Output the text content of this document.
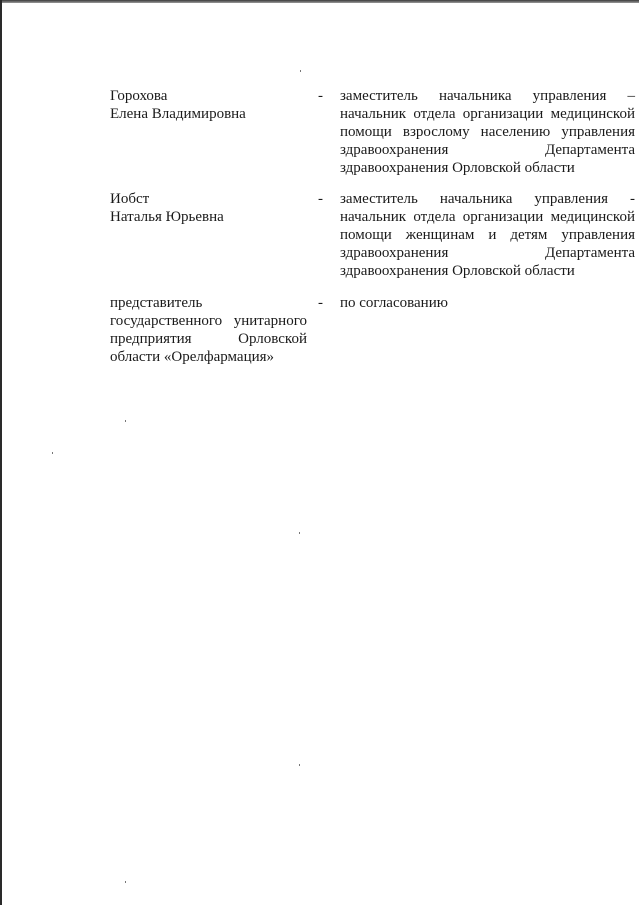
Горохова
Елена Владимировна
- заместитель начальника управления –
начальник отдела организации медицинской
помощи взрослому населению управления
здравоохранения Департамента
здравоохранения Орловской области
Иобст
Наталья Юрьевна
- заместитель начальника управления -
начальник отдела организации медицинской
помощи женщинам и детям управления
здравоохранения Департамента
здравоохранения Орловской области
представитель
государственного унитарного
предприятия Орловской
области «Орелфармация»
- по согласованию
